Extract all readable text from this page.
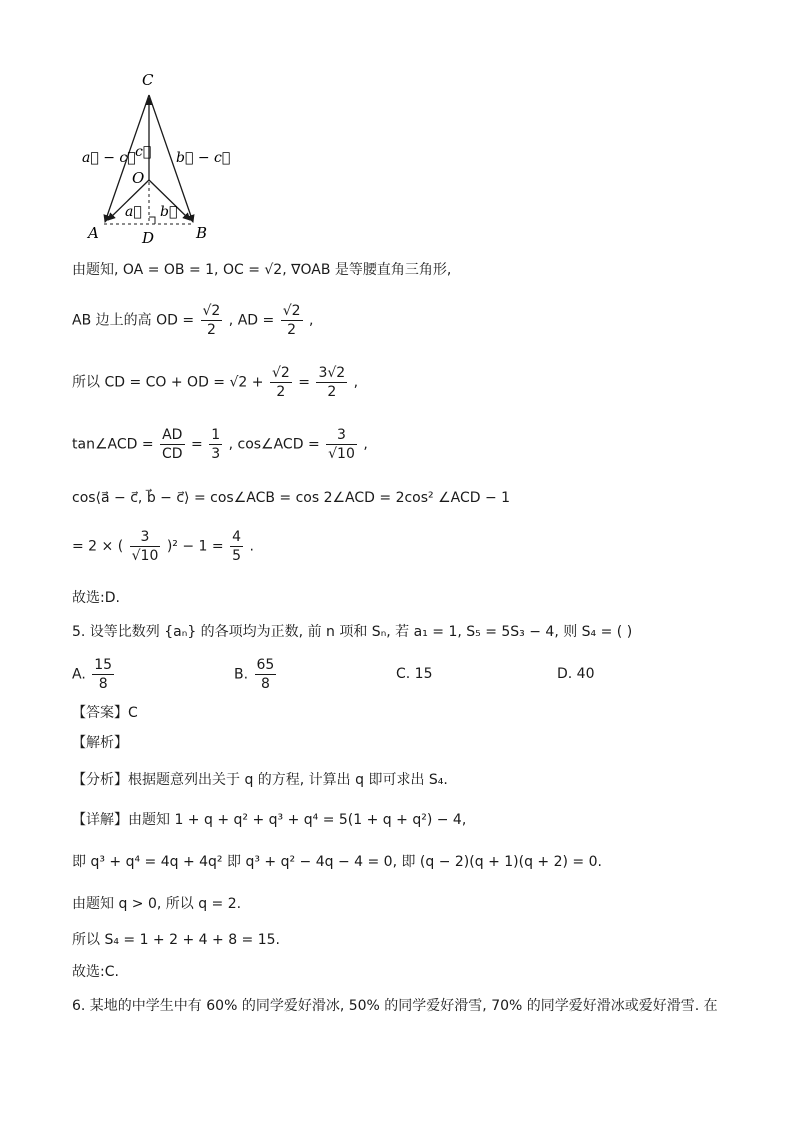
C
O
A	B
D
a⃗ − c⃗	b⃗ − c⃗
c⃗
a⃗ b⃗
由题知, OA = OB = 1, OC = √2, ∇OAB 是等腰直角三角形,
AB 边上的高 OD = $\frac{√2}{2}$ , AD = $\frac{√2}{2}$ ,
所以 CD = CO + OD = $√2 + \frac{√2}{2} = \frac{3√2}{2}$ ,
tan∠ACD = $\frac{AD}{CD} = \frac{1}{3}$ , cos∠ACD = $\frac{3}{√10}$ ,
cos⟨a⃗ − c⃗, b⃗ − c⃗⟩ = cos∠ACB = cos 2∠ACD = 2cos² ∠ACD − 1
= 2 × ( $\frac{3}{√10} )^2 - 1 = \frac{4}{5}$ .
故选:D.
5. 设等比数列 {aₙ} 的各项均为正数, 前 n 项和 Sₙ, 若 a₁ = 1, S₅ = 5S₃ − 4, 则 S₄ = ( )
A. $\frac{15}{8}$	B. $\frac{65}{8}$	C. 15	D. 40
【答案】C
【解析】
【分析】根据题意列出关于 q 的方程, 计算出 q 即可求出 S₄.
【详解】由题知 1 + q + q² + q³ + q⁴ = 5(1 + q + q²) − 4,
即 q³ + q⁴ = 4q + 4q² 即 q³ + q² − 4q − 4 = 0, 即 (q − 2)(q + 1)(q + 2) = 0.
由题知 q > 0, 所以 q = 2.
所以 S₄ = 1 + 2 + 4 + 8 = 15.
故选:C.
6. 某地的中学生中有 60% 的同学爱好滑冰, 50% 的同学爱好滑雪, 70% 的同学爱好滑冰或爱好滑雪. 在
